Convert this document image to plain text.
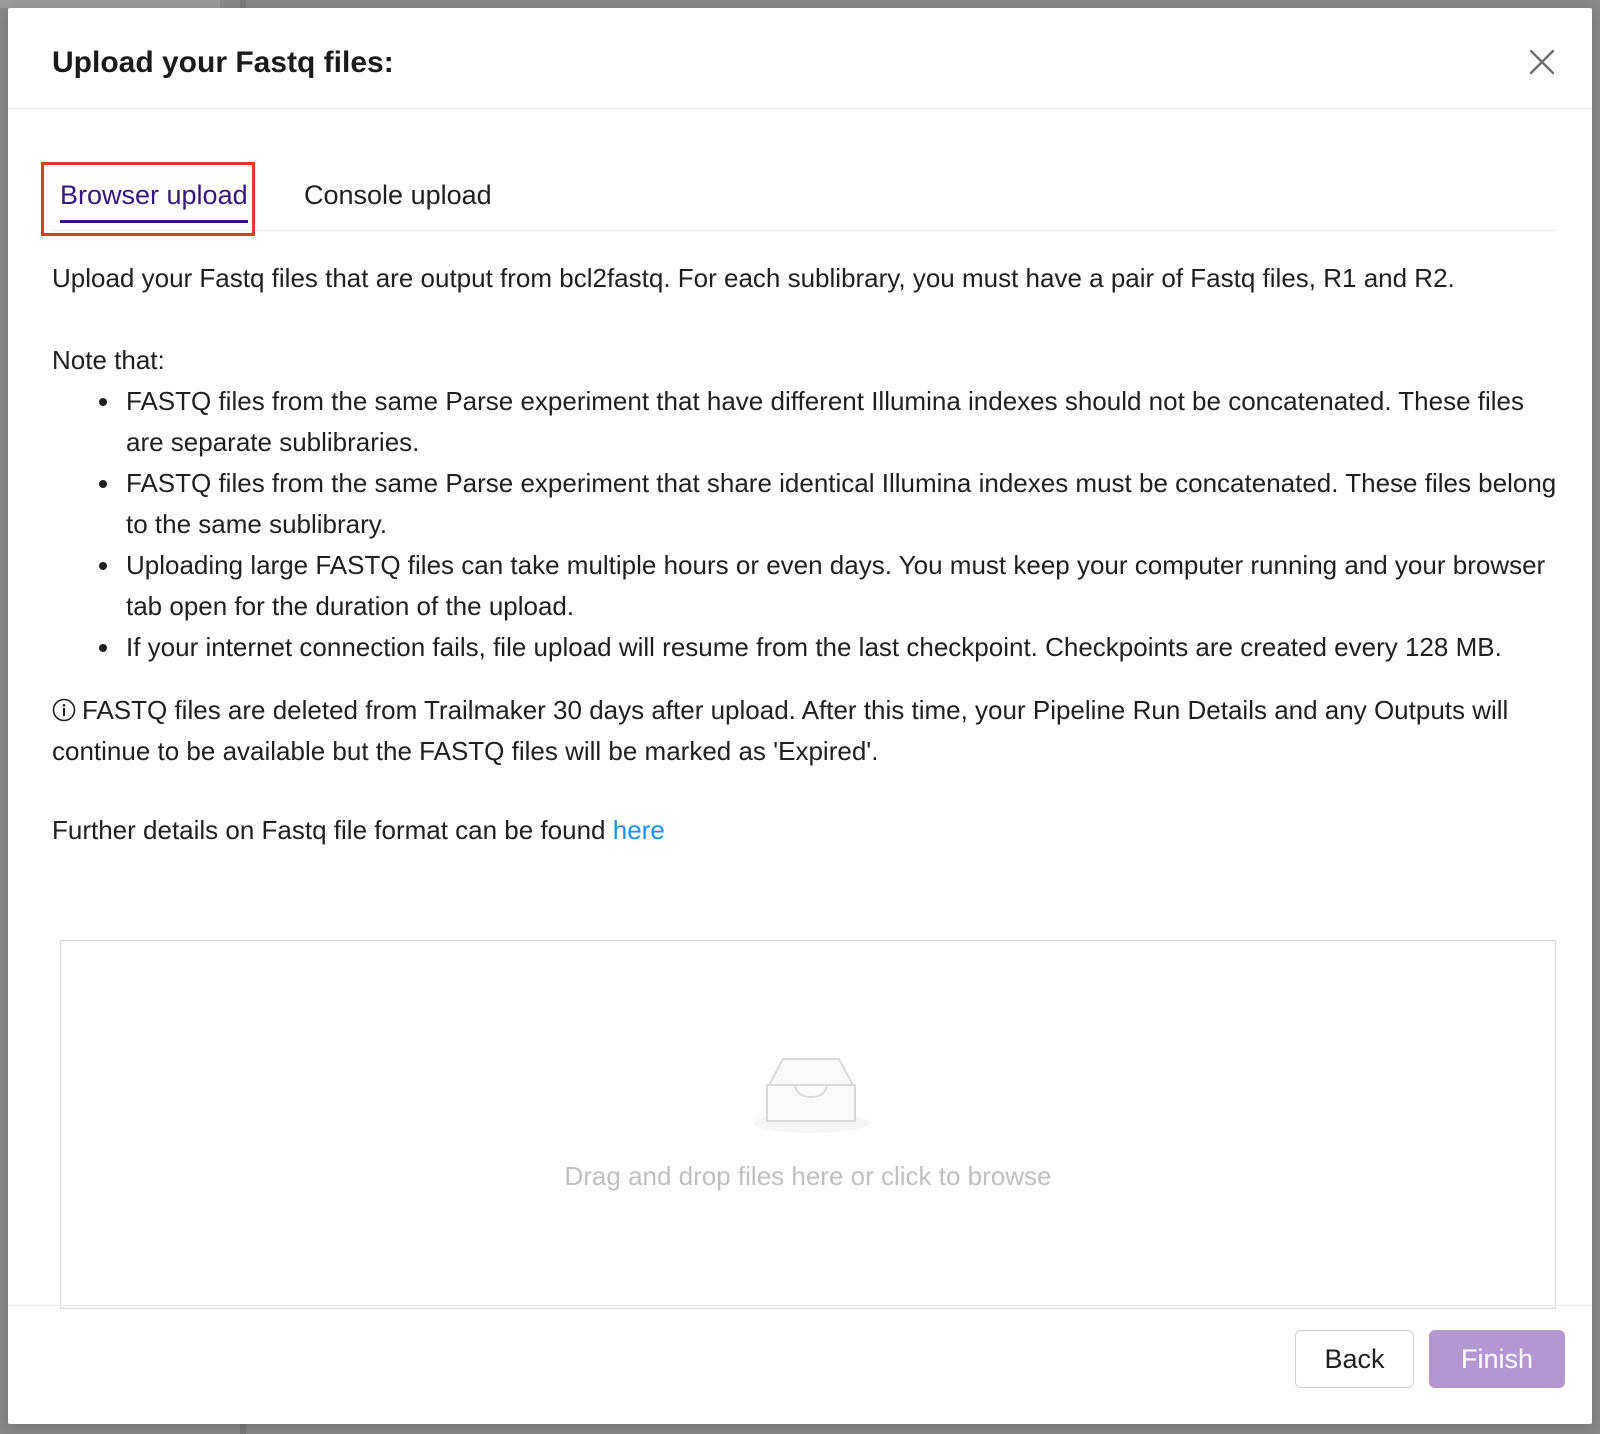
Upload your Fastq files:
Browser upload Console upload

Upload your Fastq files that are output from bcl2fastq. For each sublibrary, you must have a pair of Fastq files, R1 and R2.

Note that:

• FASTQ files from the same Parse experiment that have different Illumina indexes should not be concatenated. These files are separate sublibraries.
• FASTQ files from the same Parse experiment that share identical Illumina indexes must be concatenated. These files belong to the same sublibrary.
• Uploading large FASTQ files can take multiple hours or even days. You must keep your computer running and your browser tab open for the duration of the upload.
• If your internet connection fails, file upload will resume from the last checkpoint. Checkpoints are created every 128 MB.

FASTQ files are deleted from Trailmaker 30 days after upload. After this time, your Pipeline Run Details and any Outputs will continue to be available but the FASTQ files will be marked as 'Expired'.

Further details on Fastq file format can be found here

Drag and drop files here or click to browse
Back	Finish
